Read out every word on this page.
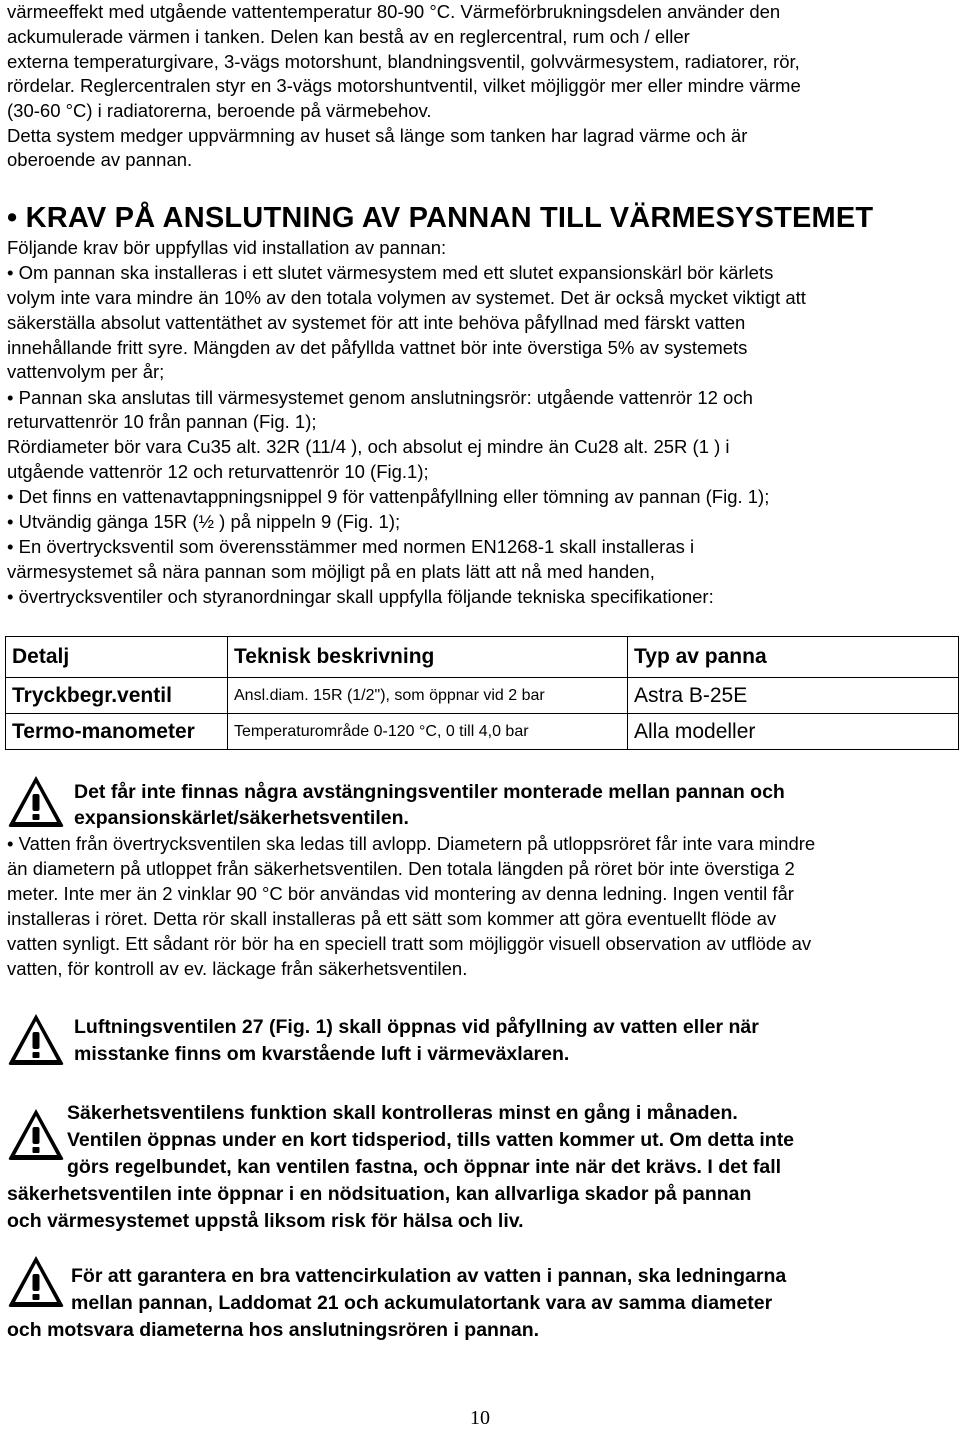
värmeeffekt med utgående vattentemperatur 80-90 °C. Värmeförbrukningsdelen använder den
ackumulerade värmen i tanken. Delen kan bestå av en reglercentral, rum och / eller
externa temperaturgivare, 3-vägs motorshunt, blandningsventil, golvvärmesystem, radiatorer, rör,
rördelar. Reglercentralen styr en 3-vägs motorshuntventil, vilket möjliggör mer eller mindre värme
(30-60 °C) i radiatorerna, beroende på värmebehov.
Detta system medger uppvärmning av huset så länge som tanken har lagrad värme och är
oberoende av pannan.
• KRAV PÅ ANSLUTNING AV PANNAN TILL VÄRMESYSTEMET
Följande krav bör uppfyllas vid installation av pannan:
• Om pannan ska installeras i ett slutet värmesystem med ett slutet expansionskärl bör kärlets
volym inte vara mindre än 10% av den totala volymen av systemet. Det är också mycket viktigt att
säkerställa absolut vattentäthet av systemet för att inte behöva påfyllnad med färskt vatten
innehållande fritt syre. Mängden av det påfyllda vattnet bör inte överstiga 5% av systemets
vattenvolym per år;
• Pannan ska anslutas till värmesystemet genom anslutningsrör: utgående vattenrör 12 och
returvattenrör 10 från pannan (Fig. 1);
Rördiameter bör vara Cu35 alt. 32R (11/4 ), och absolut ej mindre än Cu28 alt. 25R (1 ) i
utgående vattenrör 12 och returvattenrör 10 (Fig.1);
• Det finns en vattenavtappningsnippel 9 för vattenpåfyllning eller tömning av pannan (Fig. 1);
• Utvändig gänga 15R (½ ) på nippeln 9 (Fig. 1);
• En övertrycksventil som överensstämmer med normen EN1268-1 skall installeras i
värmesystemet så nära pannan som möjligt på en plats lätt att nå med handen,
• övertrycksventiler och styranordningar skall uppfylla följande tekniska specifikationer:
Detalj	Teknisk beskrivning	Typ av panna
Tryckbegr.ventil	Ansl.diam. 15R (1/2"), som öppnar vid 2 bar	Astra B-25E
Termo-manometer	Temperaturområde 0-120 °C, 0 till 4,0 bar	Alla modeller
Det får inte finnas några avstängningsventiler monterade mellan pannan och
expansionskärlet/säkerhetsventilen.
• Vatten från övertrycksventilen ska ledas till avlopp. Diametern på utloppsröret får inte vara mindre
än diametern på utloppet från säkerhetsventilen. Den totala längden på röret bör inte överstiga 2
meter. Inte mer än 2 vinklar 90 °C bör användas vid montering av denna ledning. Ingen ventil får
installeras i röret. Detta rör skall installeras på ett sätt som kommer att göra eventuellt flöde av
vatten synligt. Ett sådant rör bör ha en speciell tratt som möjliggör visuell observation av utflöde av
vatten, för kontroll av ev. läckage från säkerhetsventilen.
Luftningsventilen 27 (Fig. 1) skall öppnas vid påfyllning av vatten eller när
misstanke finns om kvarstående luft i värmeväxlaren.
Säkerhetsventilens funktion skall kontrolleras minst en gång i månaden.
Ventilen öppnas under en kort tidsperiod, tills vatten kommer ut. Om detta inte
görs regelbundet, kan ventilen fastna, och öppnar inte när det krävs. I det fall
säkerhetsventilen inte öppnar i en nödsituation, kan allvarliga skador på pannan
och värmesystemet uppstå liksom risk för hälsa och liv.
För att garantera en bra vattencirkulation av vatten i pannan, ska ledningarna
mellan pannan, Laddomat 21 och ackumulatortank vara av samma diameter
och motsvara diameterna hos anslutningsrören i pannan.
10
